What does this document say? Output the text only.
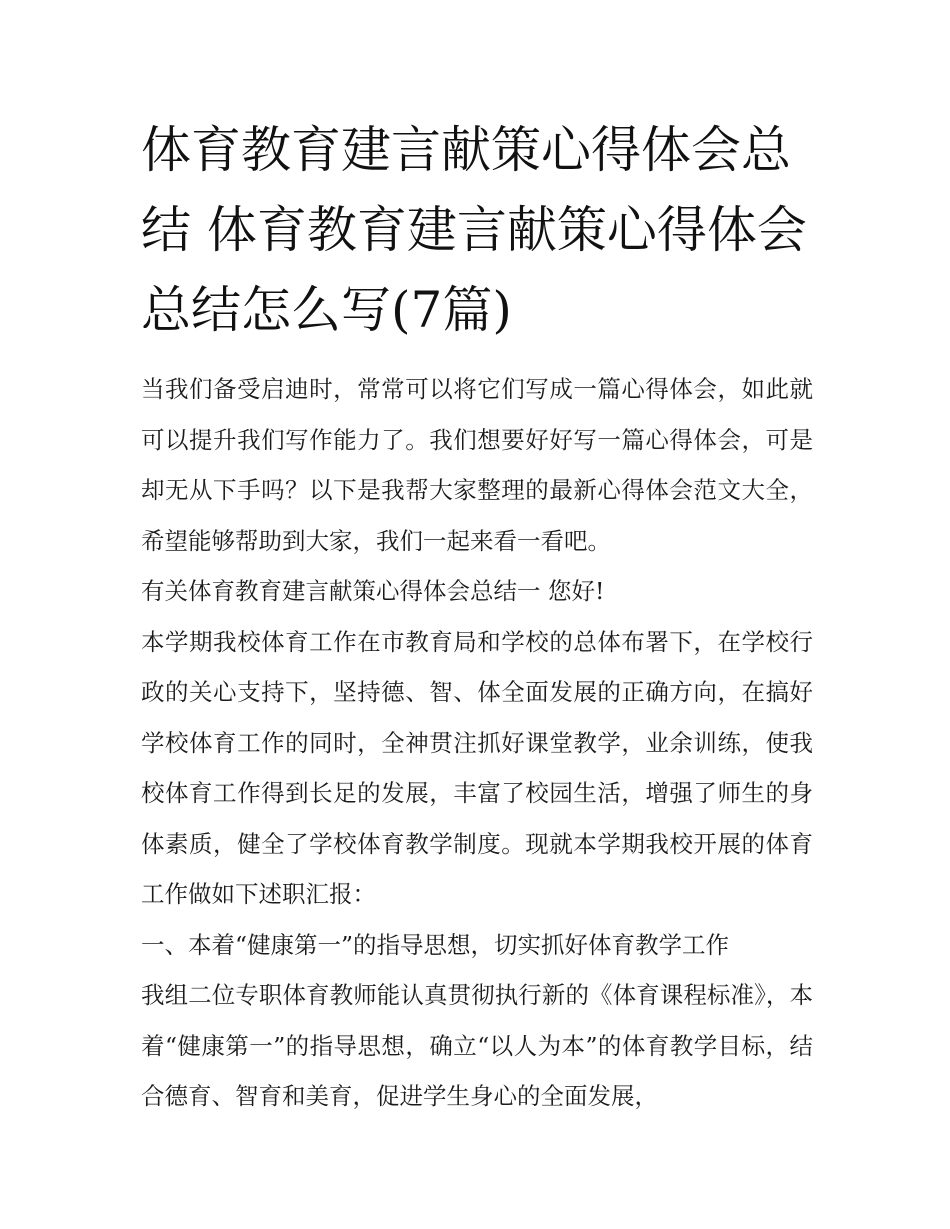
体育教育建言献策心得体会总结 体育教育建言献策心得体会总结怎么写(7篇)

当我们备受启迪时，常常可以将它们写成一篇心得体会，如此就可以提升我们写作能力了。我们想要好好写一篇心得体会，可是却无从下手吗？以下是我帮大家整理的最新心得体会范文大全，希望能够帮助到大家，我们一起来看一看吧。

有关体育教育建言献策心得体会总结一 您好!

本学期我校体育工作在市教育局和学校的总体布署下，在学校行政的关心支持下，坚持德、智、体全面发展的正确方向，在搞好学校体育工作的同时，全神贯注抓好课堂教学，业余训练，使我校体育工作得到长足的发展，丰富了校园生活，增强了师生的身体素质，健全了学校体育教学制度。现就本学期我校开展的体育工作做如下述职汇报：

一、本着“健康第一”的指导思想，切实抓好体育教学工作

我组二位专职体育教师能认真贯彻执行新的《体育课程标准》，本着“健康第一”的指导思想，确立“以人为本”的体育教学目标，结合德育、智育和美育，促进学生身心的全面发展，
